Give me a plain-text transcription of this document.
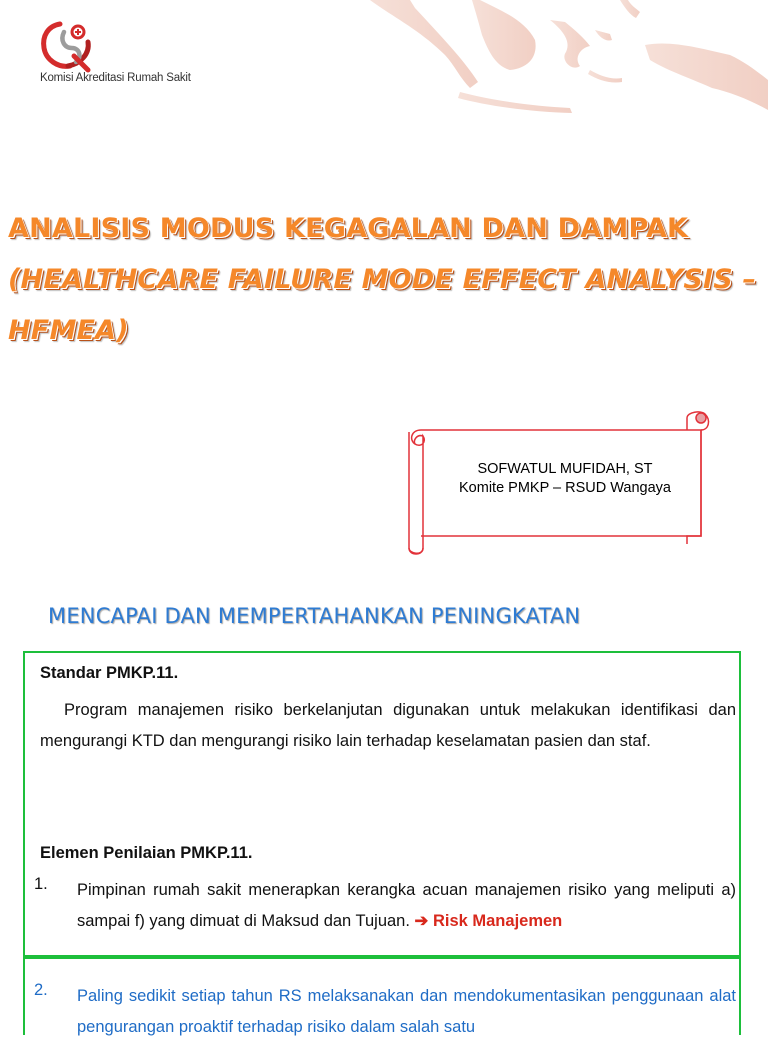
Komisi Akreditasi Rumah Sakit
ANALISIS MODUS KEGAGALAN DAN DAMPAK
(HEALTHCARE FAILURE MODE EFFECT ANALYSIS –
HFMEA)
SOFWATUL MUFIDAH, ST
Komite PMKP – RSUD Wangaya
MENCAPAI DAN MEMPERTAHANKAN PENINGKATAN
Standar PMKP.11.
Program manajemen risiko berkelanjutan digunakan untuk melakukan identifikasi dan mengurangi KTD dan mengurangi risiko lain terhadap keselamatan pasien dan staf.
Elemen Penilaian PMKP.11.
1. Pimpinan rumah sakit menerapkan kerangka acuan manajemen risiko yang meliputi a) sampai f) yang dimuat di Maksud dan Tujuan. ➔ Risk Manajemen
2. Paling sedikit setiap tahun RS melaksanakan dan mendokumentasikan penggunaan alat pengurangan proaktif terhadap risiko dalam salah satu
